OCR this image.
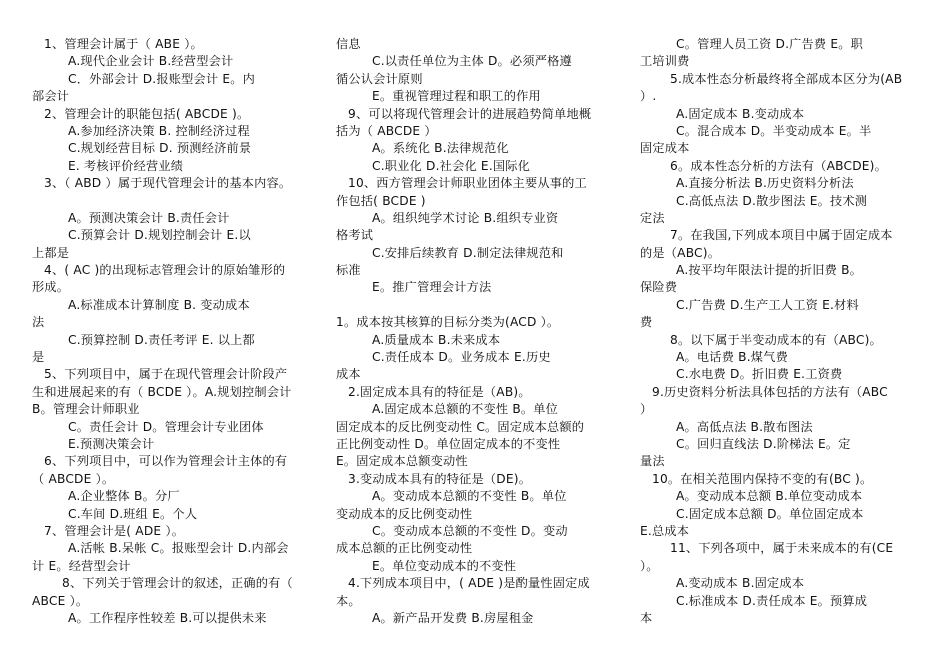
1、管理会计属于（ ABE ）。
A.现代企业会计 B.经营型会计
C．外部会计 D.报账型会计 E。内
部会计
2、管理会计的职能包括( ABCDE )。
A.参加经济决策 B. 控制经济过程
C.规划经营目标 D. 预测经济前景
E. 考核评价经营业绩
3、（ ABD ）属于现代管理会计的基本内容。
A。预测决策会计 B.责任会计
C.预算会计 D.规划控制会计 E.以
上都是
4、( AC )的出现标志管理会计的原始雏形的
形成。
A.标准成本计算制度 B. 变动成本
法
C.预算控制 D.责任考评 E. 以上都
是
5、下列项目中，属于在现代管理会计阶段产
生和进展起来的有（ BCDE ）。A.规划控制会计
B。管理会计师职业
C。责任会计 D。管理会计专业团体
E.预测决策会计
6、下列项目中，可以作为管理会计主体的有
（ ABCDE ）。
A.企业整体 B。分厂
C.车间 D.班组 E。个人
7、管理会计是( ADE ）。
A.活帐 B.呆帐 C。报账型会计 D.内部会
计 E。经营型会计
8、下列关于管理会计的叙述，正确的有（
ABCE ）。
A。工作程序性较差 B.可以提供未来
信息
C.以责任单位为主体 D。必须严格遵
循公认会计原则
E。重视管理过程和职工的作用
9、可以将现代管理会计的进展趋势简单地概
括为（ ABCDE ）
A。系统化 B.法律规范化
C.职业化 D.社会化 E.国际化
10、西方管理会计师职业团体主要从事的工
作包括( BCDE )
A。组织纯学术讨论 B.组织专业资
格考试
C.安排后续教育 D.制定法律规范和
标准
E。推广管理会计方法
1。成本按其核算的目标分类为(ACD ）。
A.质量成本 B.未来成本
C.责任成本 D。业务成本 E.历史
成本
2.固定成本具有的特征是（AB)。
A.固定成本总额的不变性 B。单位
固定成本的反比例变动性 C。固定成本总额的
正比例变动性 D。单位固定成本的不变性
E。固定成本总额变动性
3.变动成本具有的特征是（DE)。
A。变动成本总额的不变性 B。单位
变动成本的反比例变动性
C。变动成本总额的不变性 D。变动
成本总额的正比例变动性
E。单位变动成本的不变性
4.下列成本项目中，( ADE )是酌量性固定成
本。
A。新产品开发费 B.房屋租金
C。管理人员工资 D.广告费 E。职
工培训费
5.成本性态分析最终将全部成本区分为(AB
）.
A.固定成本 B.变动成本
C。混合成本 D。半变动成本 E。半
固定成本
6。成本性态分析的方法有（ABCDE)。
A.直接分析法 B.历史资料分析法
C.高低点法 D.散步图法 E。技术测
定法
7。在我国,下列成本项目中属于固定成本
的是（ABC)。
A.按平均年限法计提的折旧费 B。
保险费
C.广告费 D.生产工人工资 E.材料
费
8。以下属于半变动成本的有（ABC)。
A。电话费 B.煤气费
C.水电费 D。折旧费 E.工资费
9.历史资料分析法具体包括的方法有（ABC
）
A。高低点法 B.散布图法
C。回归直线法 D.阶梯法 E。定
量法
10。在相关范围内保持不变的有(BC )。
A。变动成本总额 B.单位变动成本
C.固定成本总额 D。单位固定成本
E.总成本
11、下列各项中，属于未来成本的有(CE
）。
A.变动成本 B.固定成本
C.标准成本 D.责任成本 E。预算成
本
